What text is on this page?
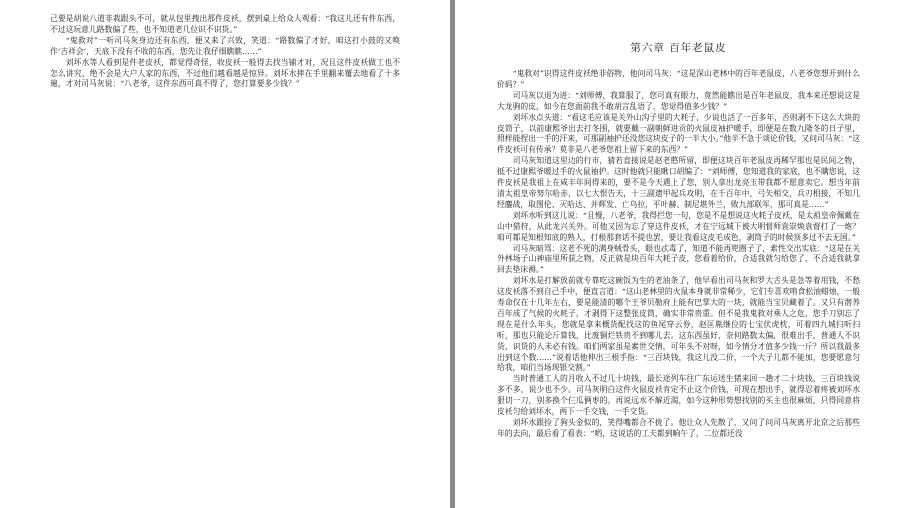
己要是胡说八道非栽跟头不可，就从包里拽出那件皮袄，摆到桌上给众人观看：“我这儿还有件东西，不过这玩意儿路数偏了些，也不知道老几位识不识货。”

“鬼救对”一听司马灰身边还有东西，便又来了兴致，笑道：“路数偏了才好，咱这打小鼓的又唤作‘吉祥会’，天底下没有不收的东西，您先让我仔细瞧瞧……”

刘坏水等人看到是件老皮袄，都觉得奇怪，收皮袄一般得去找当铺才对，况且这件皮袄做工也不怎么讲究，绝不会是大户人家的东西，不过他们越看越是惊异。刘坏水摔在手里翻来覆去地看了十多遍，才对司马灰说：“八老爷，这件东西可真不得了，您打算要多少钱？”

第六章 百年老鼠皮

“鬼救对”识得这件皮袄绝非俗物，他问司马灰：“这是深山老林中的百年老鼠皮，八老爷您想开到什么价码？”

司马灰以退为进：“刘师傅，我算服了，您可真有眼力，竟然能瞧出是百年老鼠皮，我本来还想说这是大龙驹的皮，如今在您面前我不敢胡言乱语了，您觉得值多少钱？”

刘坏水点头道：“看这毛应该是关外山沟子里的大耗子，少说也活了一百多年，否则剥不下这么大块的皮筒子，以前康熙爷出去打冬围，就要戴一副朝鲜进贡的火鼠皮袖护暖手，即便是在数九隆冬的日子里，照样能捏出一手的汗来，可那副袖护还没您这块皮子的一半大小。”他半不急于谈论价钱，又问司马灰：“这件皮袄可有传承？莫非是八老爷您祖上留下来的东西？”

司马灰知道这里边的行市，猜若直接说是赵老憨所留，即便这块百年老鼠皮再稀罕那也是民间之物，抵不过康熙爷暖过手的火鼠袖护。这时他就只能瞅口胡编了：“刘师傅，您知道我的家底，也不瞒您说，这件皮袄是我祖上在咸丰年间得来的，要不是今天遇上了您，别人拿出龙亮玉带我都不愿意卖它。想当年前清太祖皇帝努尔哈赤，以七大恨告天，十三副遗甲起兵攻明，在千百年中，弓矢相交，兵刃相接，不知几经鏖战，取图伦、灭哈达、并辉发、亡乌拉，平叶赫、制尼堪外兰，败九部联军，那可真是……”

刘坏水听到这儿说：“且慢，八老爷，我得拦您一句，您是不是想说这火耗子皮袄，是太祖皇帝佩戴在山中猎狩，从此龙兴关外。可他又因为忘了穿这件皮袄，才在宁远城下被大明督师袁崇焕袁督打了一炮？咱可都是知根知底的熟人，打根那套话不提也罢，要让我看这皮毛成色，剥筒子的时候顶多过不去无国。”

司马灰暗骂：这老不死的满身贼骨头，眼也忒毒了，知道不能再兜圈子了，索性交出实底：“这是在关外林场子山神庙里所获之物，反正就是块百年大耗子皮，您看着给价，合适我就匀给您了，不合适我就拿回去垫床褥。”

刘坏水是打解放前就专靠吃这碗饭为生的老油条了，他早看出司马灰和罗大舌头是急等着用钱，不愁这皮袄落不到自己手中，便直言道：“这山老林里的火鼠本身就非常稀少，它们专喜欢啃食松油蜡烛，一般寿命仅在十几年左右，要是能清的哪个王爷贝勒府上能有巴掌大的一块，就能当宝贝藏着了。又只有潜养百年成了气候的火耗子，才剥得下这整张皮筒，确实非常贵重。但不是我鬼救对乘人之危，您手刀别忘了现在是什么年头，您就是拿来概货配找这的鱼尾穿云券，赵匡胤继位的七宝伏虎枕，可着四九城扫听扫听，那也只能论斤算钱，比废铜烂铁贵不到哪儿去。这东西虽好，奈何路数太偏，很难出手，普通人不识货，识货的人未必有钱。咱们两家虽是素世交情，可年头不对呀，如今情分才值多少钱一斤？所以我最多出到这个数……”说着话他伸出三根手指：“三百块钱，我这儿没二价，一个大子儿都不能加，您要愿意匀给我，咱们当场现银交割。”

当时普通工人的月收入不过几十块钱，最长途列车往广东运送生猪来回一趟才二十块钱，三百块钱说多不多，说少也不少。司马灰明白这件火鼠皮袄肯定不止这个价钱，可现在想出手，就得忍着疼被刘坏水狠切一刀，别多换个仨瓜俩枣的。再说远水不解近渴，如今这种形势想找别的买主也很麻烦，只得同意将皮袄匀给刘坏水，两下一手交钱，一手交货。

刘坏水跟捡了狗头金似的，笑得嘴都合不拢了。他让众人先散了，又问了问司马灰离开北京之后那些年的去向，最后看了看表：“哟，这说话的工夫都到晌午了，二位都还没
